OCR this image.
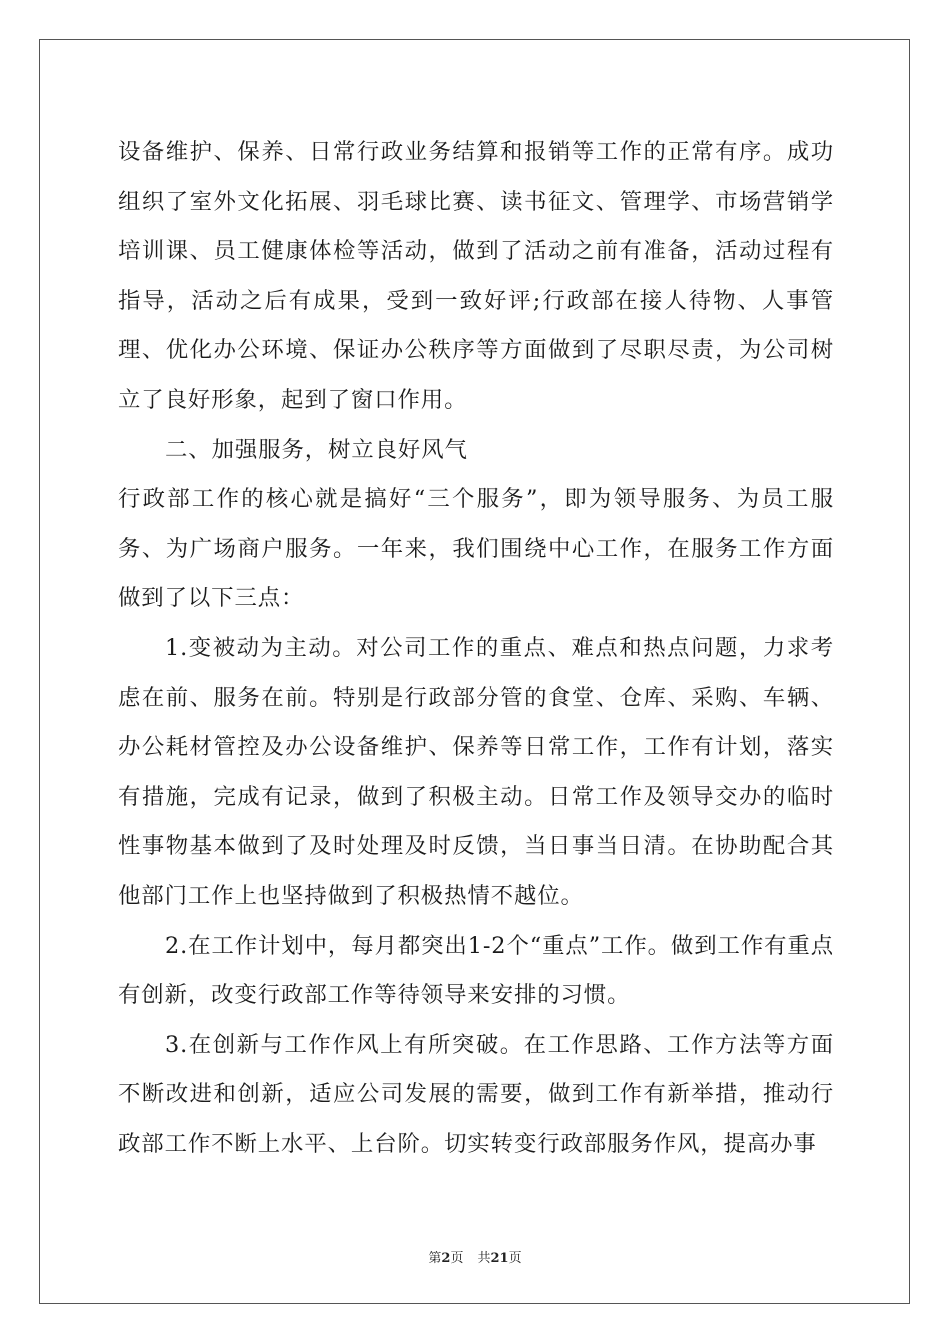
设备维护、保养、日常行政业务结算和报销等工作的正常有序。成功组织了室外文化拓展、羽毛球比赛、读书征文、管理学、市场营销学培训课、员工健康体检等活动，做到了活动之前有准备，活动过程有指导，活动之后有成果，受到一致好评;行政部在接人待物、人事管理、优化办公环境、保证办公秩序等方面做到了尽职尽责，为公司树立了良好形象，起到了窗口作用。

二、加强服务，树立良好风气

行政部工作的核心就是搞好“三个服务”，即为领导服务、为员工服务、为广场商户服务。一年来，我们围绕中心工作，在服务工作方面做到了以下三点：

1.变被动为主动。对公司工作的重点、难点和热点问题，力求考虑在前、服务在前。特别是行政部分管的食堂、仓库、采购、车辆、办公耗材管控及办公设备维护、保养等日常工作，工作有计划，落实有措施，完成有记录，做到了积极主动。日常工作及领导交办的临时性事物基本做到了及时处理及时反馈，当日事当日清。在协助配合其他部门工作上也坚持做到了积极热情不越位。

2.在工作计划中，每月都突出1-2个“重点”工作。做到工作有重点有创新，改变行政部工作等待领导来安排的习惯。

3.在创新与工作作风上有所突破。在工作思路、工作方法等方面不断改进和创新，适应公司发展的需要，做到工作有新举措，推动行政部工作不断上水平、上台阶。切实转变行政部服务作风，提高办事

第2页 共21页
